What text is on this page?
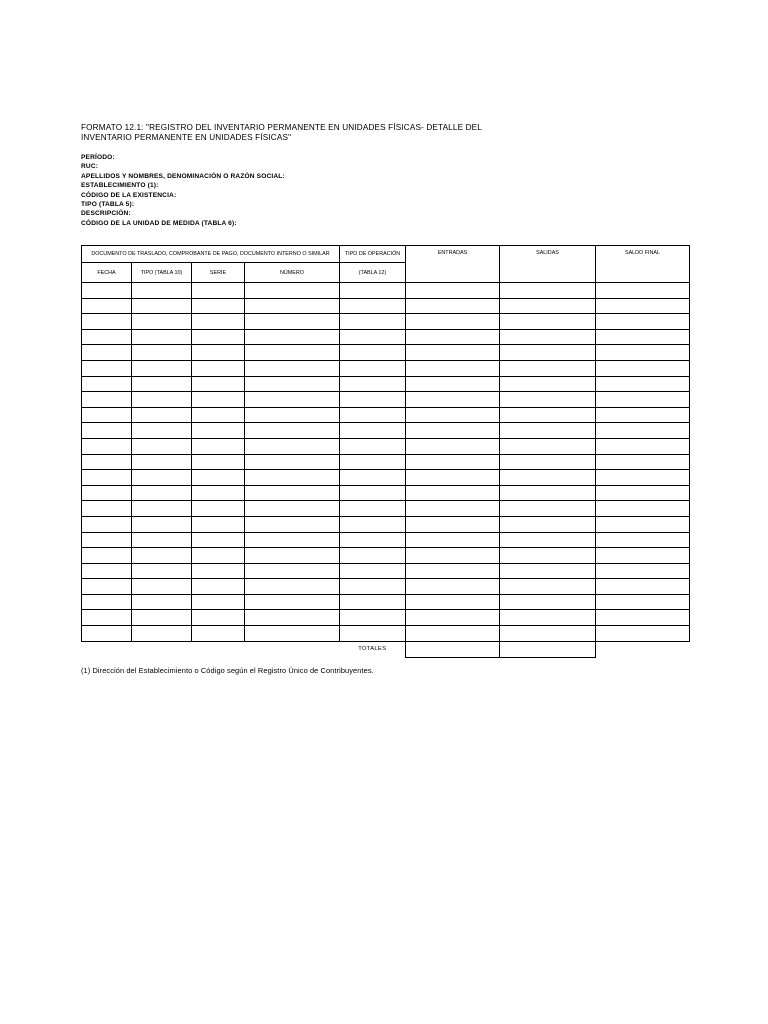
FORMATO 12.1: "REGISTRO DEL INVENTARIO PERMANENTE EN UNIDADES FÍSICAS- DETALLE DEL
INVENTARIO PERMANENTE EN UNIDADES FÍSICAS"
PERÍODO:
RUC:
APELLIDOS Y NOMBRES, DENOMINACIÓN O RAZÓN SOCIAL:
ESTABLECIMIENTO (1):
CÓDIGO DE LA EXISTENCIA:
TIPO (TABLA 5):
DESCRIPCIÓN:
CÓDIGO DE LA UNIDAD DE MEDIDA (TABLA 6):
DOCUMENTO DE TRASLADO, COMPROBANTE DE PAGO, DOCUMENTO INTERNO O SIMILAR				TIPO DE OPERACIÓN	ENTRADAS	SALIDAS	SALDO FINAL
FECHA	TIPO (TABLA 10)	SERIE	NÚMERO	(TABLA 12)			

				TOTALES			
(1) Dirección del Establecimiento o Código según el Registro Único de Contribuyentes.
